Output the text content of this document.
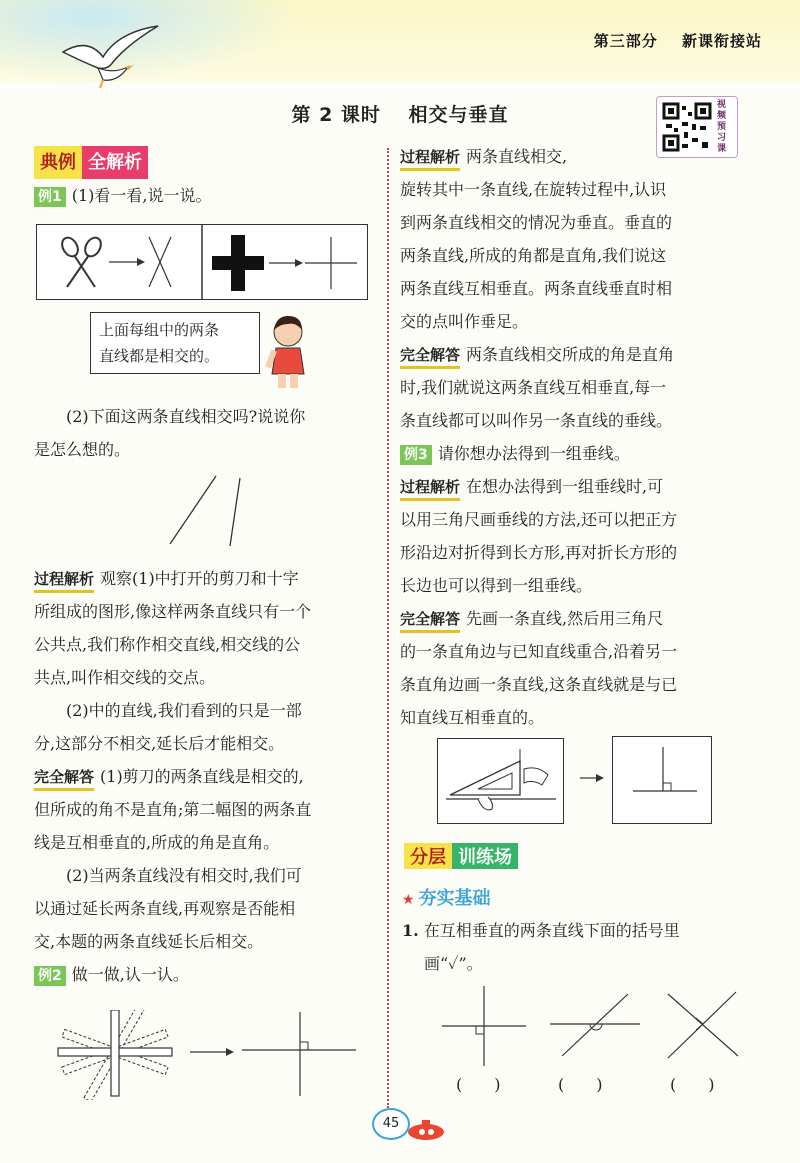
第三部分 新课衔接站
第 2 课时 相交与垂直	视频预习课

典例 全解析

例1 (1)看一看,说一说。

上面每组中的两条
直线都是相交的。

(2)下面这两条直线相交吗?说说你

是怎么想的。

过程解析 观察(1)中打开的剪刀和十字

所组成的图形,像这样两条直线只有一个

公共点,我们称作相交直线,相交线的公

共点,叫作相交线的交点。

(2)中的直线,我们看到的只是一部

分,这部分不相交,延长后才能相交。

完全解答 (1)剪刀的两条直线是相交的,

但所成的角不是直角;第二幅图的两条直

线是互相垂直的,所成的角是直角。

(2)当两条直线没有相交时,我们可

以通过延长两条直线,再观察是否能相

交,本题的两条直线延长后相交。

例2 做一做,认一认。

过程解析 两条直线相交,

旋转其中一条直线,在旋转过程中,认识

到两条直线相交的情况为垂直。垂直的

两条直线,所成的角都是直角,我们说这

两条直线互相垂直。两条直线垂直时相

交的点叫作垂足。

完全解答 两条直线相交所成的角是直角

时,我们就说这两条直线互相垂直,每一

条直线都可以叫作另一条直线的垂线。

例3 请你想办法得到一组垂线。

过程解析 在想办法得到一组垂线时,可

以用三角尺画垂线的方法,还可以把正方

形沿边对折得到长方形,再对折长方形的

长边也可以得到一组垂线。

完全解答 先画一条直线,然后用三角尺

的一条直角边与已知直线重合,沿着另一

条直角边画一条直线,这条直线就是与已

知直线互相垂直的。

分层 训练场
★ 夯实基础

1. 在互相垂直的两条直线下面的括号里

画“✓”。

(　　)	(　　)	(　　)
45
